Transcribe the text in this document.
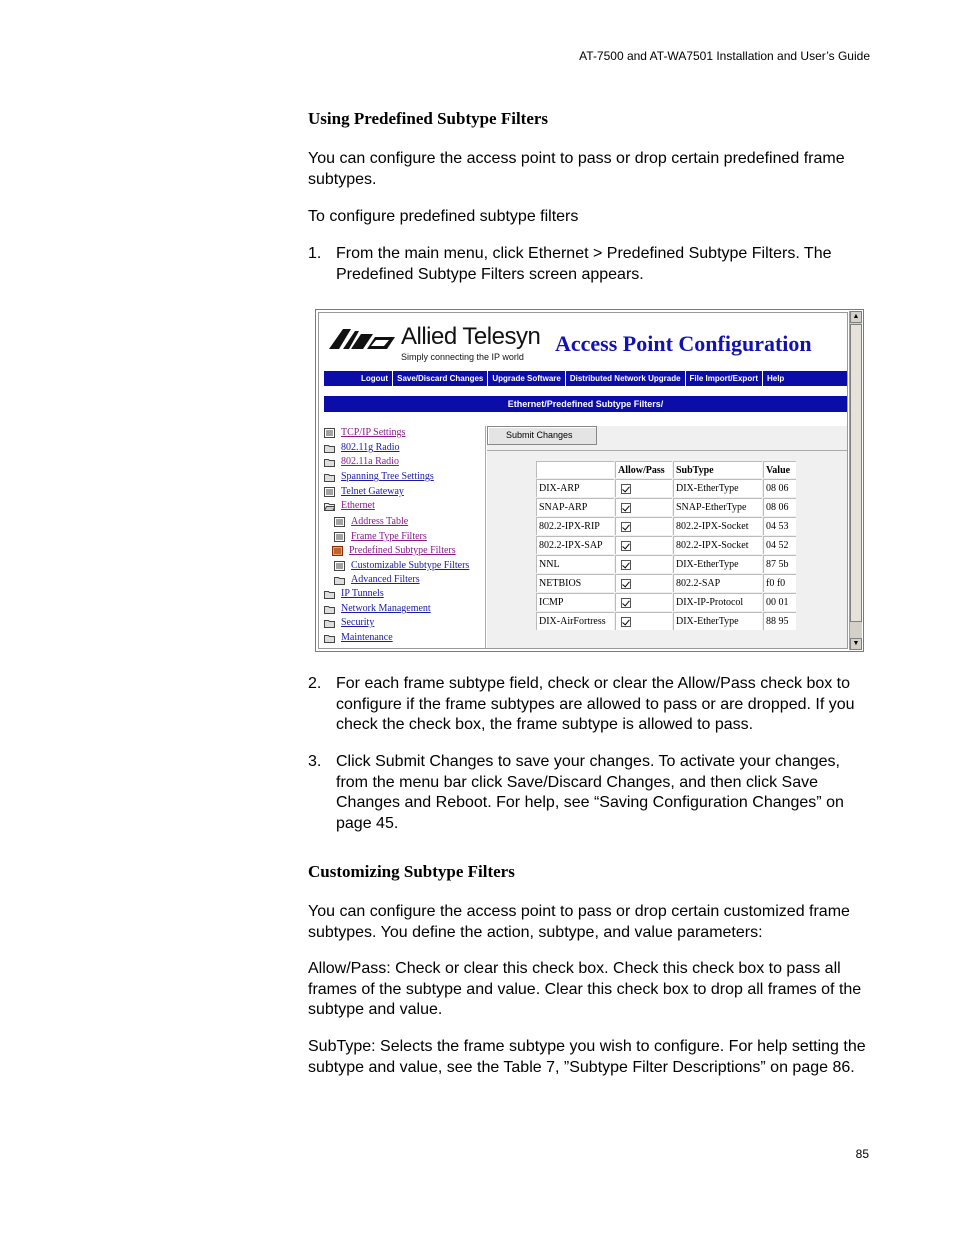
AT-7500 and AT-WA7501 Installation and User’s Guide
Using Predefined Subtype Filters
You can configure the access point to pass or drop certain predefined frame subtypes.
To configure predefined subtype filters
1. From the main menu, click Ethernet > Predefined Subtype Filters. The Predefined Subtype Filters screen appears.
2. For each frame subtype field, check or clear the Allow/Pass check box to configure if the frame subtypes are allowed to pass or are dropped. If you check the check box, the frame subtype is allowed to pass.
3. Click Submit Changes to save your changes. To activate your changes, from the menu bar click Save/Discard Changes, and then click Save Changes and Reboot. For help, see “Saving Configuration Changes” on page 45.
Customizing Subtype Filters
You can configure the access point to pass or drop certain customized frame subtypes. You define the action, subtype, and value parameters:
Allow/Pass: Check or clear this check box. Check this check box to pass all frames of the subtype and value. Clear this check box to drop all frames of the subtype and value.
SubType: Selects the frame subtype you wish to configure. For help setting the subtype and value, see the Table 7, ”Subtype Filter Descriptions” on page 86.
Allied Telesyn
Simply connecting the IP world
Access Point Configuration
Logout	Save/Discard Changes	Upgrade Software	Distributed Network Upgrade	File Import/Export	Help
Ethernet/Predefined Subtype Filters/
TCP/IP Settings
802.11g Radio
802.11a Radio
Spanning Tree Settings
Telnet Gateway
Ethernet
Address Table
Frame Type Filters
Predefined Subtype Filters
Customizable Subtype Filters
Advanced Filters
IP Tunnels
Network Management
Security
Maintenance
Submit Changes
	Allow/Pass	SubType	Value
DIX-ARP		DIX-EtherType	08 06
SNAP-ARP		SNAP-EtherType	08 06
802.2-IPX-RIP		802.2-IPX-Socket	04 53
802.2-IPX-SAP		802.2-IPX-Socket	04 52
NNL		DIX-EtherType	87 5b
NETBIOS		802.2-SAP	f0 f0
ICMP		DIX-IP-Protocol	00 01
DIX-AirFortress		DIX-EtherType	88 95
▲
▼
85
